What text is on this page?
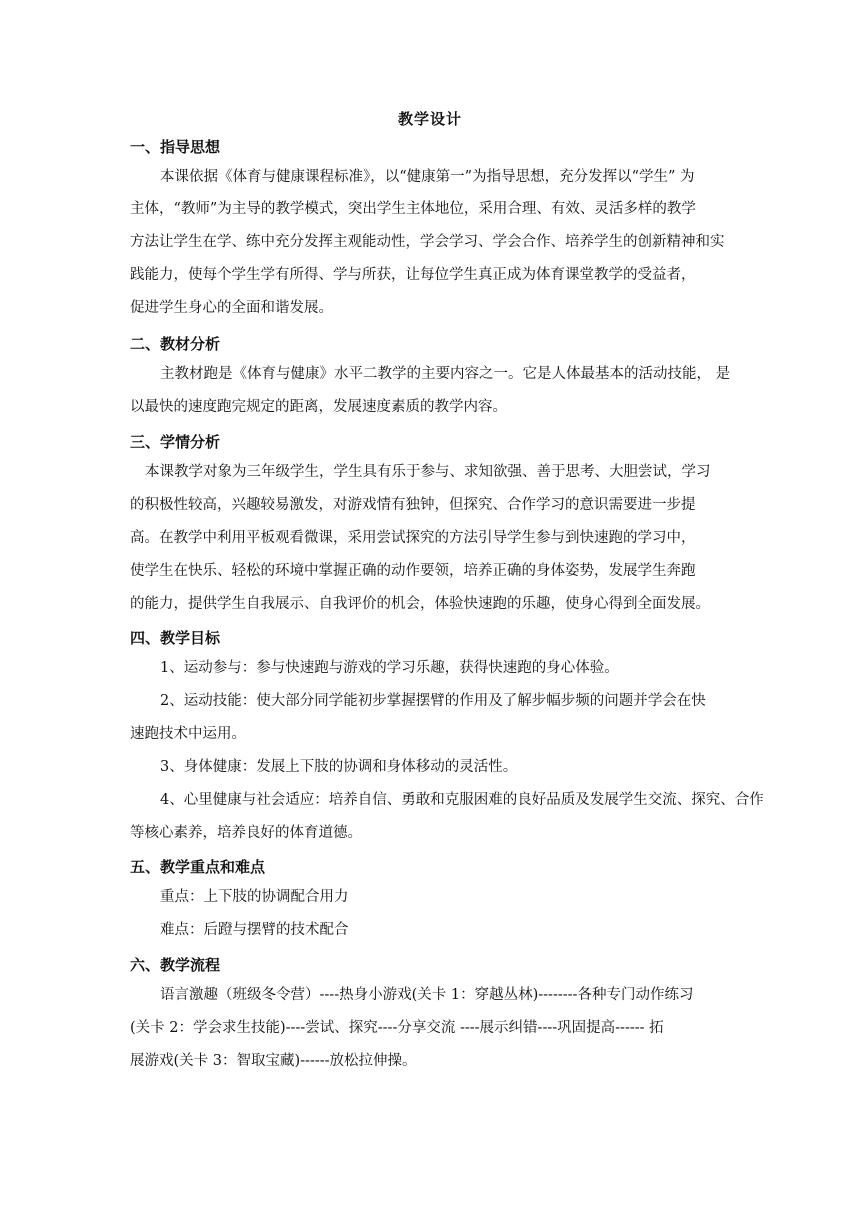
教学设计
一、指导思想
本课依据《体育与健康课程标准》，以“健康第一”为指导思想，充分发挥以“学生” 为
主体，“教师”为主导的教学模式，突出学生主体地位，采用合理、有效、灵活多样的教学
方法让学生在学、练中充分发挥主观能动性，学会学习、学会合作、培养学生的创新精神和实
践能力，使每个学生学有所得、学与所获，让每位学生真正成为体育课堂教学的受益者，
促进学生身心的全面和谐发展。
二、教材分析
主教材跑是《体育与健康》水平二教学的主要内容之一。它是人体最基本的活动技能， 是
以最快的速度跑完规定的距离，发展速度素质的教学内容。
三、学情分析
本课教学对象为三年级学生，学生具有乐于参与、求知欲强、善于思考、大胆尝试，学习
的积极性较高，兴趣较易激发，对游戏情有独钟，但探究、合作学习的意识需要进一步提
高。在教学中利用平板观看微课，采用尝试探究的方法引导学生参与到快速跑的学习中，
使学生在快乐、轻松的环境中掌握正确的动作要领，培养正确的身体姿势，发展学生奔跑
的能力，提供学生自我展示、自我评价的机会，体验快速跑的乐趣，使身心得到全面发展。
四、教学目标
1、运动参与：参与快速跑与游戏的学习乐趣，获得快速跑的身心体验。
2、运动技能：使大部分同学能初步掌握摆臂的作用及了解步幅步频的问题并学会在快
速跑技术中运用。
3、身体健康：发展上下肢的协调和身体移动的灵活性。
4、心里健康与社会适应：培养自信、勇敢和克服困难的良好品质及发展学生交流、探究、合作
等核心素养，培养良好的体育道德。
五、教学重点和难点
重点：上下肢的协调配合用力
难点：后蹬与摆臂的技术配合
六、教学流程
语言激趣（班级冬令营）----热身小游戏(关卡 1：穿越丛林)--------各种专门动作练习
(关卡 2：学会求生技能)----尝试、探究----分享交流 ----展示纠错----巩固提高------ 拓
展游戏(关卡 3：智取宝藏)------放松拉伸操。
